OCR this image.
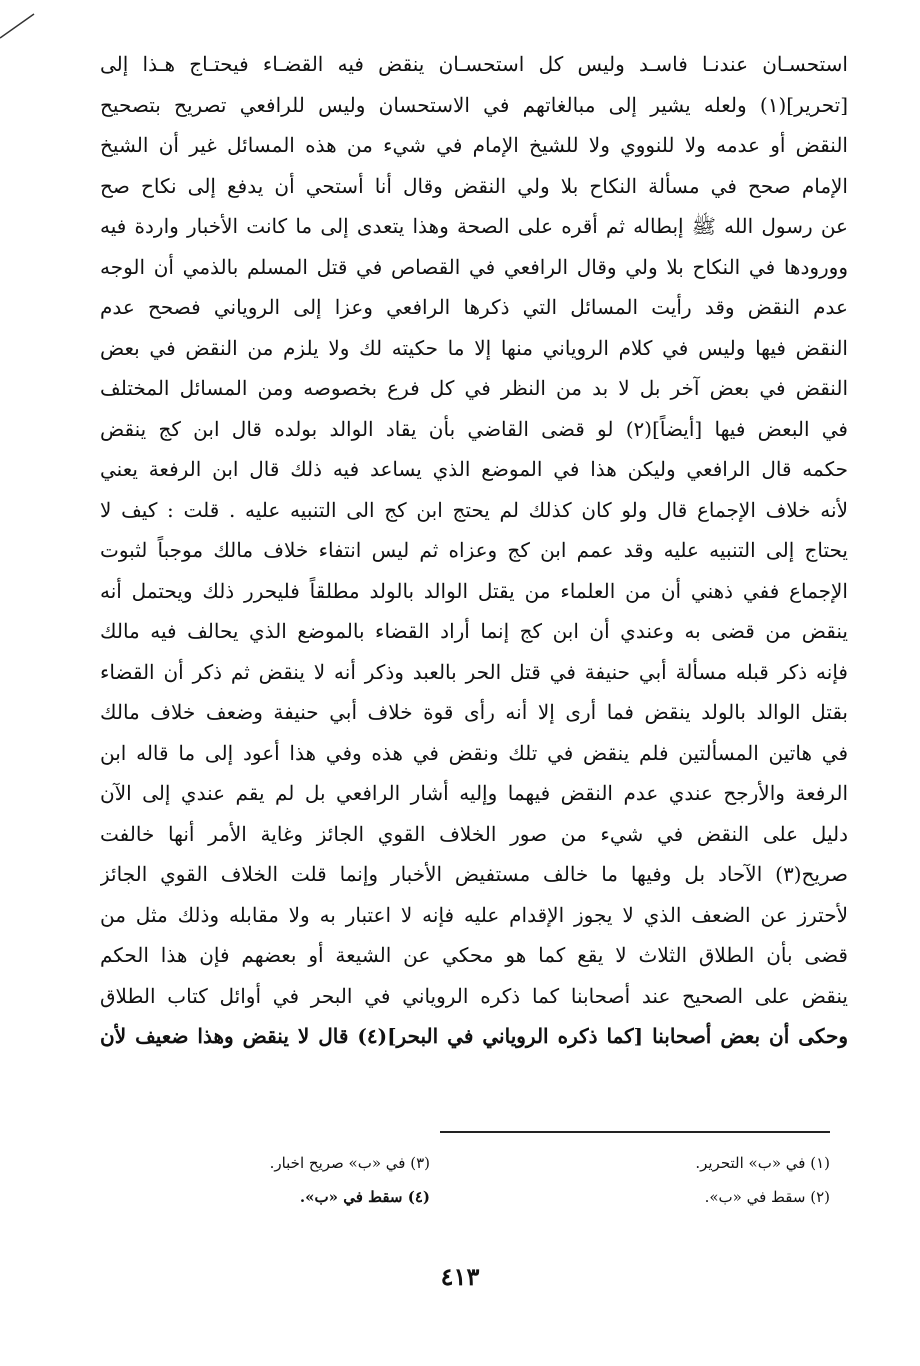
استحسـان عندنـا فاسـد وليس كل استحسـان ينقض فيه القضـاء فيحتـاج هـذا إلى
[تحرير](١) ولعله يشير إلى مبالغاتهم في الاستحسان وليس للرافعي تصريح بتصحيح
النقض أو عدمه ولا للنووي ولا للشيخ الإمام في شيء من هذه المسائل غير أن الشيخ
الإمام صحح في مسألة النكاح بلا ولي النقض وقال أنا أستحي أن يدفع إلى نكاح صح
عن رسول الله ﷺ إبطاله ثم أقره على الصحة وهذا يتعدى إلى ما كانت الأخبار واردة فيه
وورودها في النكاح بلا ولي وقال الرافعي في القصاص في قتل المسلم بالذمي أن الوجه
عدم النقض وقد رأيت المسائل التي ذكرها الرافعي وعزا إلى الروياني فصحح عدم
النقض فيها وليس في كلام الروياني منها إلا ما حكيته لك ولا يلزم من النقض في بعض
النقض في بعض آخر بل لا بد من النظر في كل فرع بخصوصه ومن المسائل المختلف
في البعض فيها [أيضاً](٢) لو قضى القاضي بأن يقاد الوالد بولده قال ابن كج ينقض
حكمه قال الرافعي وليكن هذا في الموضع الذي يساعد فيه ذلك قال ابن الرفعة يعني
لأنه خلاف الإجماع قال ولو كان كذلك لم يحتج ابن كج الى التنبيه عليه . قلت : كيف لا
يحتاج إلى التنبيه عليه وقد عمم ابن كج وعزاه ثم ليس انتفاء خلاف مالك موجباً لثبوت
الإجماع ففي ذهني أن من العلماء من يقتل الوالد بالولد مطلقاً فليحرر ذلك ويحتمل أنه
ينقض من قضى به وعندي أن ابن كج إنما أراد القضاء بالموضع الذي يحالف فيه مالك
فإنه ذكر قبله مسألة أبي حنيفة في قتل الحر بالعبد وذكر أنه لا ينقض ثم ذكر أن القضاء
بقتل الوالد بالولد ينقض فما أرى إلا أنه رأى قوة خلاف أبي حنيفة وضعف خلاف مالك
في هاتين المسألتين فلم ينقض في تلك ونقض في هذه وفي هذا أعود إلى ما قاله ابن
الرفعة والأرجح عندي عدم النقض فيهما وإليه أشار الرافعي بل لم يقم عندي إلى الآن
دليل على النقض في شيء من صور الخلاف القوي الجائز وغاية الأمر أنها خالفت
صريح(٣) الآحاد بل وفيها ما خالف مستفيض الأخبار وإنما قلت الخلاف القوي الجائز
لأحترز عن الضعف الذي لا يجوز الإقدام عليه فإنه لا اعتبار به ولا مقابله وذلك مثل من
قضى بأن الطلاق الثلاث لا يقع كما هو محكي عن الشيعة أو بعضهم فإن هذا الحكم
ينقض على الصحيح عند أصحابنا كما ذكره الروياني في البحر في أوائل كتاب الطلاق
وحكى أن بعض أصحابنا [كما ذكره الروياني في البحر](٤) قال لا ينقض وهذا ضعيف لأن
(١) في «ب» التحرير.
(٢) سقط في «ب».
(٣) في «ب» صريح اخبار.
(٤) سقط في «ب».
٤١٣
